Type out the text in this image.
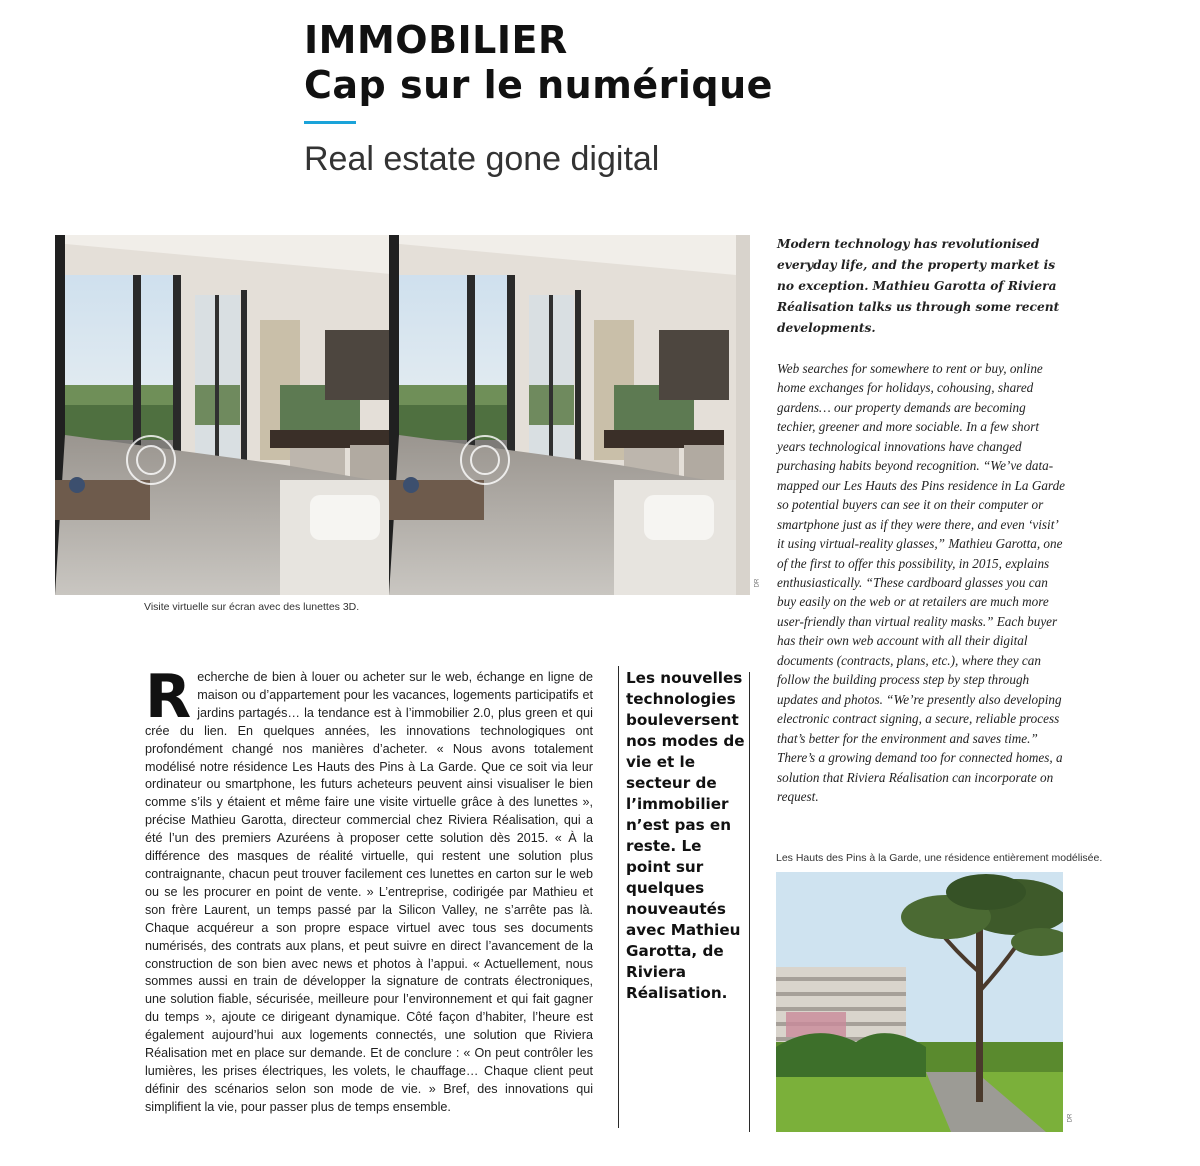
IMMOBILIER
Cap sur le numérique
Real estate gone digital
DR
Visite virtuelle sur écran avec des lunettes 3D.

Recherche de bien à louer ou acheter sur le web, échange en ligne de maison ou d’appartement pour les vacances, logements participatifs et jardins partagés… la tendance est à l’immobilier 2.0, plus green et qui crée du lien. En quelques années, les innovations technologiques ont profondément changé nos manières d’acheter. « Nous avons totalement modélisé notre résidence Les Hauts des Pins à La Garde. Que ce soit via leur ordinateur ou smartphone, les futurs acheteurs peuvent ainsi visualiser le bien comme s’ils y étaient et même faire une visite virtuelle grâce à des lunettes », précise Mathieu Garotta, directeur commercial chez Riviera Réalisation, qui a été l’un des premiers Azuréens à proposer cette solution dès 2015. « À la différence des masques de réalité virtuelle, qui restent une solution plus contraignante, chacun peut trouver facilement ces lunettes en carton sur le web ou se les procurer en point de vente. » L’entreprise, codirigée par Mathieu et son frère Laurent, un temps passé par la Silicon Valley, ne s’arrête pas là. Chaque acquéreur a son propre espace virtuel avec tous ses documents numérisés, des contrats aux plans, et peut suivre en direct l’avancement de la construction de son bien avec news et photos à l’appui. « Actuellement, nous sommes aussi en train de développer la signature de contrats électroniques, une solution fiable, sécurisée, meilleure pour l’environnement et qui fait gagner du temps », ajoute ce dirigeant dynamique. Côté façon d’habiter, l’heure est également aujourd’hui aux logements connectés, une solution que Riviera Réalisation met en place sur demande. Et de conclure : « On peut contrôler les lumières, les prises électriques, les volets, le chauffage… Chaque client peut définir des scénarios selon son mode de vie. » Bref, des innovations qui simplifient la vie, pour passer plus de temps ensemble.

Les nouvelles technologies bouleversent nos modes de vie et le secteur de l’immobilier n’est pas en reste. Le point sur quelques nouveautés avec Mathieu Garotta, de Riviera Réalisation.

Modern technology has revolutionised everyday life, and the property market is no exception. Mathieu Garotta of Riviera Réalisation talks us through some recent developments.

Web searches for somewhere to rent or buy, online home exchanges for holidays, cohousing, shared gardens… our property demands are becoming techier, greener and more sociable. In a few short years technological innovations have changed purchasing habits beyond recognition. “We’ve data-mapped our Les Hauts des Pins residence in La Garde so potential buyers can see it on their computer or smartphone just as if they were there, and even ‘visit’ it using virtual-reality glasses,” Mathieu Garotta, one of the first to offer this possibility, in 2015, explains enthusiastically. “These cardboard glasses you can buy easily on the web or at retailers are much more user-friendly than virtual reality masks.” Each buyer has their own web account with all their digital documents (contracts, plans, etc.), where they can follow the building process step by step through updates and photos. “We’re presently also developing electronic contract signing, a secure, reliable process that’s better for the environment and saves time.” There’s a growing demand too for connected homes, a solution that Riviera Réalisation can incorporate on request.

Les Hauts des Pins à la Garde, une résidence entièrement modélisée.
DR
